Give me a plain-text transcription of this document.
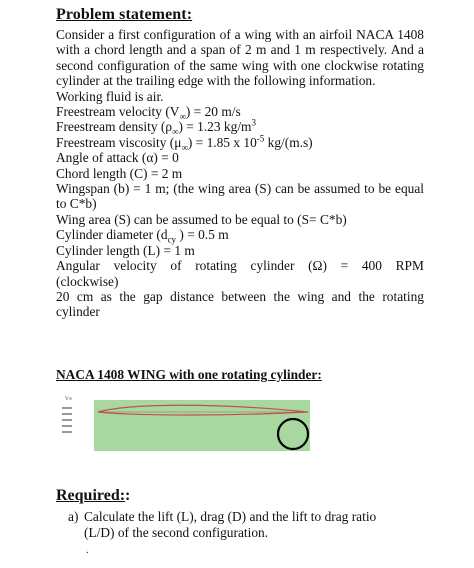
Problem statement:

Consider a first configuration of a wing with an airfoil NACA 1408 with a chord length and a span of 2 m and 1 m respectively. And a second configuration of the same wing with one clockwise rotating cylinder at the trailing edge with the following information.

Working fluid is air.

Freestream velocity $(V_\infty) = 20$ m/s

Freestream density $(\rho_\infty) = 1.23$ $kg/m^3$

Freestream viscosity $(\mu_\infty) = 1.85$ x $10^{-5}$ kg/(m.s)

Angle of attack (α) = 0

Chord length (C) = 2 m

Wingspan (b) = 1 m; (the wing area (S) can be assumed to be equal to C*b)

Wing area (S) can be assumed to be equal to (S= C*b)

Cylinder diameter ($d_{cy}$ ) = 0.5 m

Cylinder length (L) = 1 m

Angular velocity of rotating cylinder (Ω) = 400 RPM

(clockwise)

20 cm as the gap distance between the wing and the rotating cylinder

NACA 1408 WING with one rotating cylinder:
V∞
Required::
a) Calculate the lift (L), drag (D) and the lift to drag ratio
(L/D) of the second configuration.
.
